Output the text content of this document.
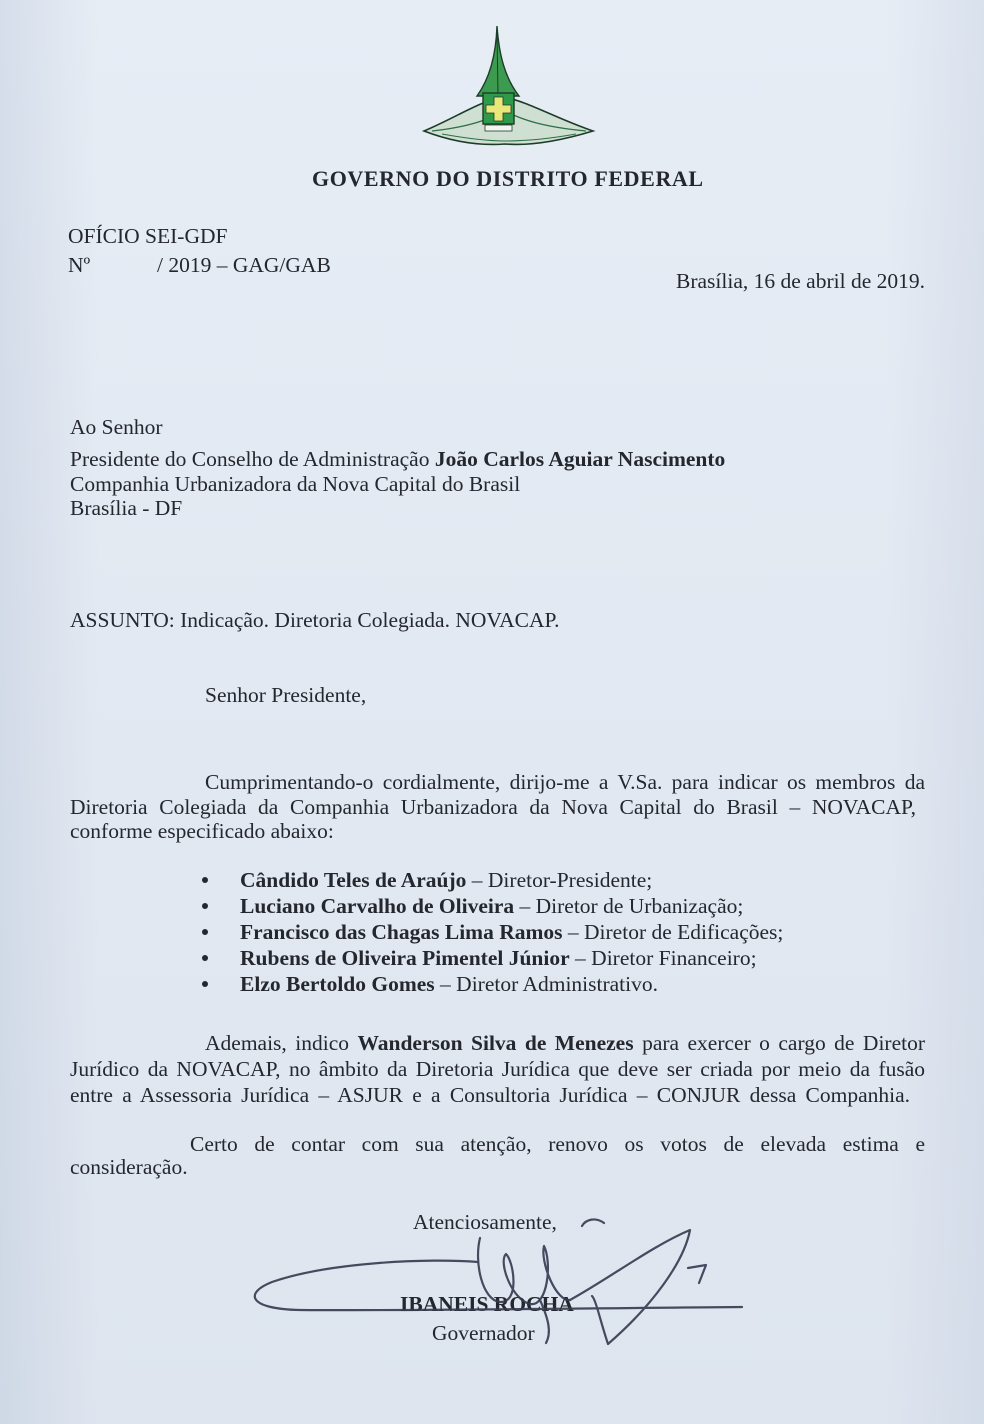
GOVERNO DO DISTRITO FEDERAL
OFÍCIO SEI-GDF
Nº	/ 2019 – GAG/GAB
Brasília, 16 de abril de 2019.
Ao Senhor
Presidente do Conselho de Administração João Carlos Aguiar Nascimento
Companhia Urbanizadora da Nova Capital do Brasil
Brasília - DF
ASSUNTO: Indicação. Diretoria Colegiada. NOVACAP.
Senhor Presidente,
Cumprimentando-o cordialmente, dirijo-me a V.Sa. para indicar os membros da
Diretoria Colegiada da Companhia Urbanizadora da Nova Capital do Brasil – NOVACAP,
conforme especificado abaixo:
Cândido Teles de Araújo – Diretor-Presidente;
Luciano Carvalho de Oliveira – Diretor de Urbanização;
Francisco das Chagas Lima Ramos – Diretor de Edificações;
Rubens de Oliveira Pimentel Júnior – Diretor Financeiro;
Elzo Bertoldo Gomes – Diretor Administrativo.
Ademais, indico Wanderson Silva de Menezes para exercer o cargo de Diretor
Jurídico da NOVACAP, no âmbito da Diretoria Jurídica que deve ser criada por meio da fusão
entre a Assessoria Jurídica – ASJUR e a Consultoria Jurídica – CONJUR dessa Companhia.
Certo de contar com sua atenção, renovo os votos de elevada estima e
consideração.
Atenciosamente,
IBANEIS ROCHA
Governador
